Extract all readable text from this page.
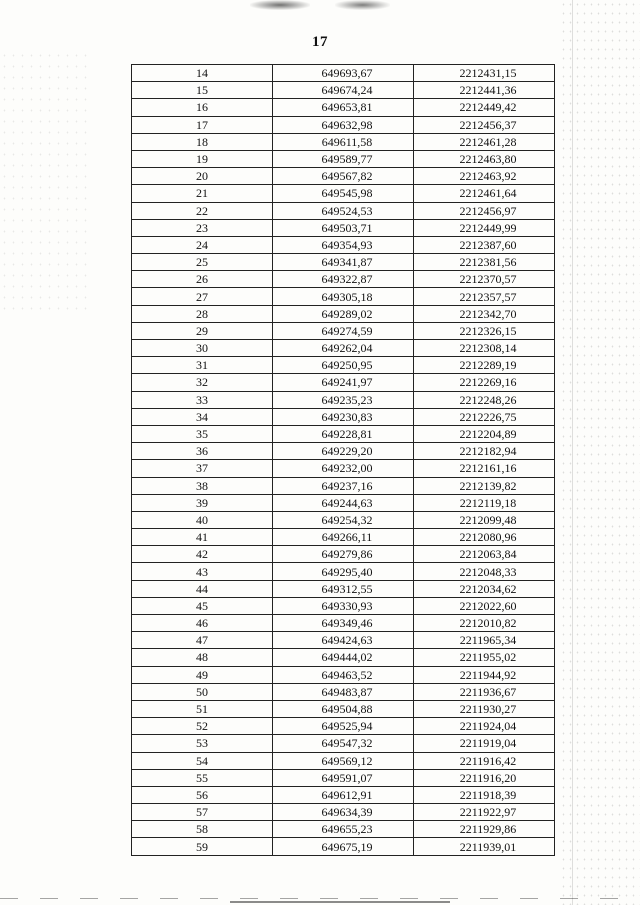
17
14	649693,67	2212431,15
15	649674,24	2212441,36
16	649653,81	2212449,42
17	649632,98	2212456,37
18	649611,58	2212461,28
19	649589,77	2212463,80
20	649567,82	2212463,92
21	649545,98	2212461,64
22	649524,53	2212456,97
23	649503,71	2212449,99
24	649354,93	2212387,60
25	649341,87	2212381,56
26	649322,87	2212370,57
27	649305,18	2212357,57
28	649289,02	2212342,70
29	649274,59	2212326,15
30	649262,04	2212308,14
31	649250,95	2212289,19
32	649241,97	2212269,16
33	649235,23	2212248,26
34	649230,83	2212226,75
35	649228,81	2212204,89
36	649229,20	2212182,94
37	649232,00	2212161,16
38	649237,16	2212139,82
39	649244,63	2212119,18
40	649254,32	2212099,48
41	649266,11	2212080,96
42	649279,86	2212063,84
43	649295,40	2212048,33
44	649312,55	2212034,62
45	649330,93	2212022,60
46	649349,46	2212010,82
47	649424,63	2211965,34
48	649444,02	2211955,02
49	649463,52	2211944,92
50	649483,87	2211936,67
51	649504,88	2211930,27
52	649525,94	2211924,04
53	649547,32	2211919,04
54	649569,12	2211916,42
55	649591,07	2211916,20
56	649612,91	2211918,39
57	649634,39	2211922,97
58	649655,23	2211929,86
59	649675,19	2211939,01
